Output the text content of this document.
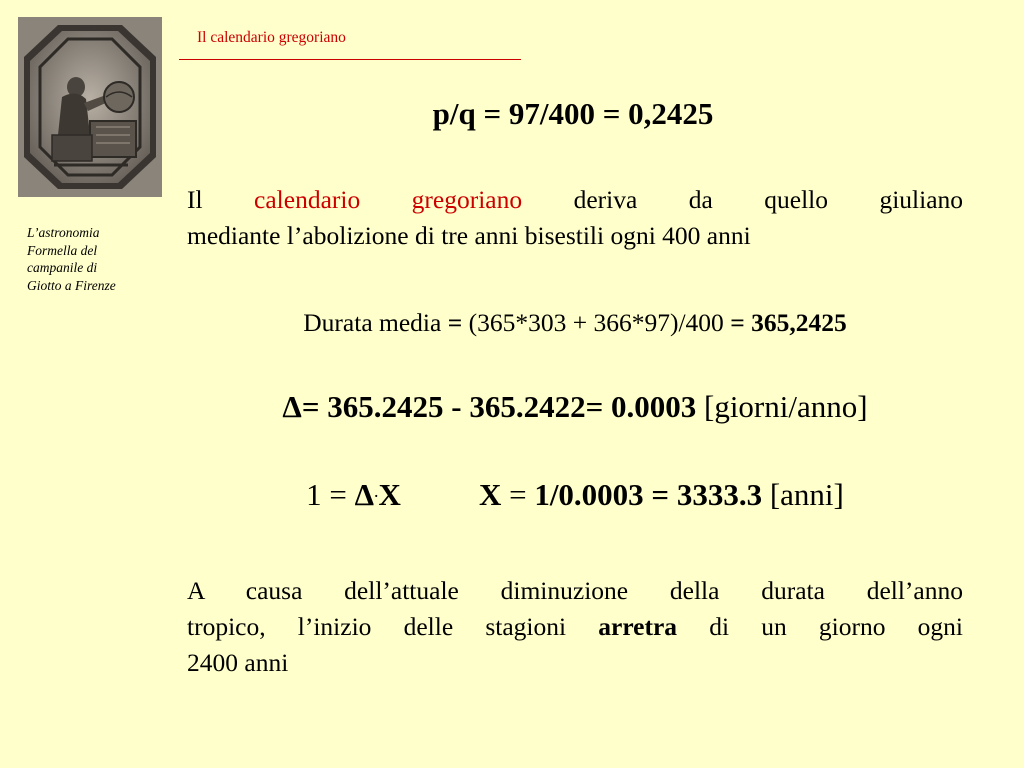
L’astronomia
Formella del
campanile di
Giotto a Firenze
Il calendario gregoriano
p/q = 97/400 = 0,2425
Il calendario gregoriano deriva da quello giuliano
mediante l’abolizione di tre anni bisestili ogni 400 anni
Durata media = (365*303 + 366*97)/400 = 365,2425
Δ= 365.2425 - 365.2422= 0.0003 [giorni/anno]
1 = Δ.X	X = 1/0.0003 = 3333.3 [anni]
A causa dell’attuale diminuzione della durata dell’anno
tropico, l’inizio delle stagioni arretra di un giorno ogni
2400 anni
